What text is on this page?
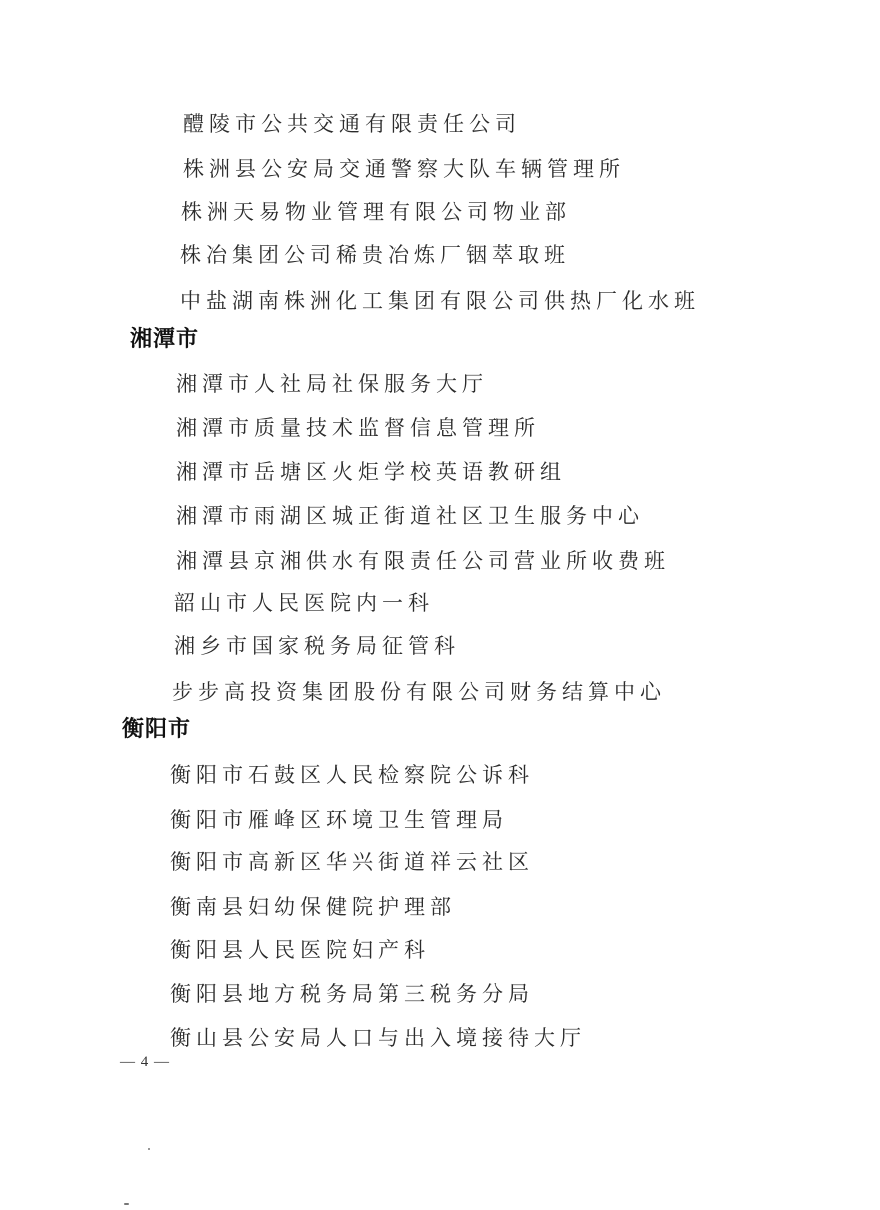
醴陵市公共交通有限责任公司
株洲县公安局交通警察大队车辆管理所
株洲天易物业管理有限公司物业部
株冶集团公司稀贵冶炼厂铟萃取班
中盐湖南株洲化工集团有限公司供热厂化水班
湘潭市
湘潭市人社局社保服务大厅
湘潭市质量技术监督信息管理所
湘潭市岳塘区火炬学校英语教研组
湘潭市雨湖区城正街道社区卫生服务中心
湘潭县京湘供水有限责任公司营业所收费班
韶山市人民医院内一科
湘乡市国家税务局征管科
步步高投资集团股份有限公司财务结算中心
衡阳市
衡阳市石鼓区人民检察院公诉科
衡阳市雁峰区环境卫生管理局
衡阳市高新区华兴街道祥云社区
衡南县妇幼保健院护理部
衡阳县人民医院妇产科
衡阳县地方税务局第三税务分局
衡山县公安局人口与出入境接待大厅
— 4 —
